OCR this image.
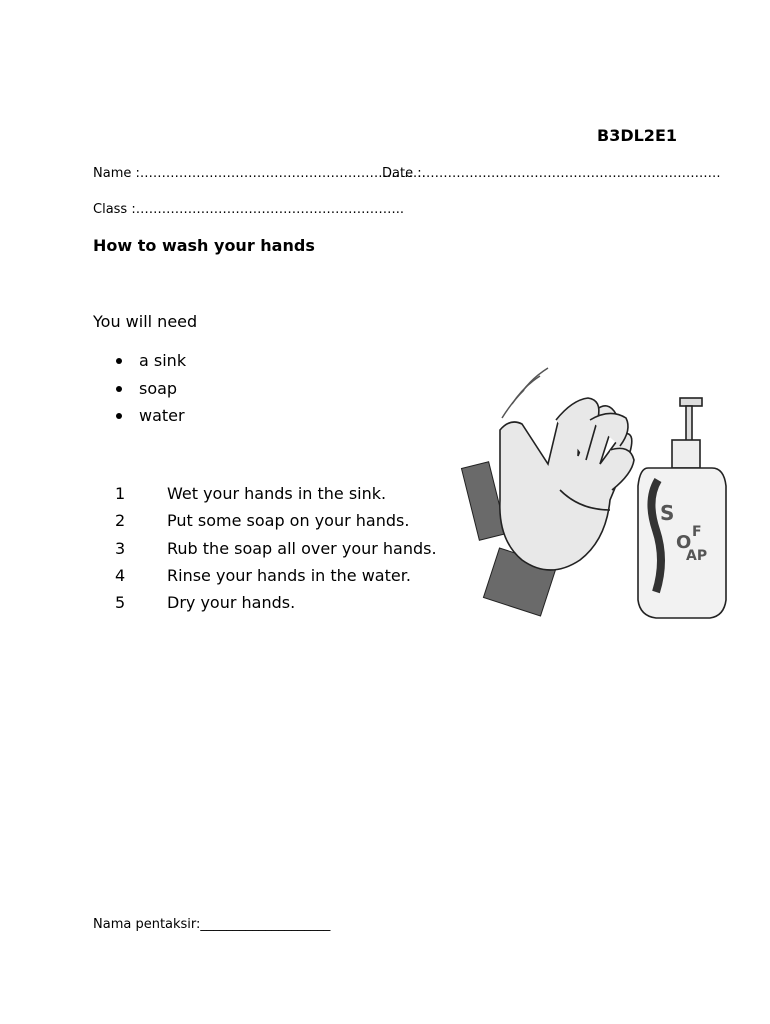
B3DL2E1
Name :…………………………………………………………
Date :……………………………………………………………
Class :……………………………………………………..
How to wash your hands
You will need
a sink
soap
water
1	Wet your hands in the sink.
2	Put some soap on your hands.
3	Rub the soap all over your hands.
4	Rinse your hands in the water.
5	Dry your hands.
S
O F
AP
Nama pentaksir:____________________
